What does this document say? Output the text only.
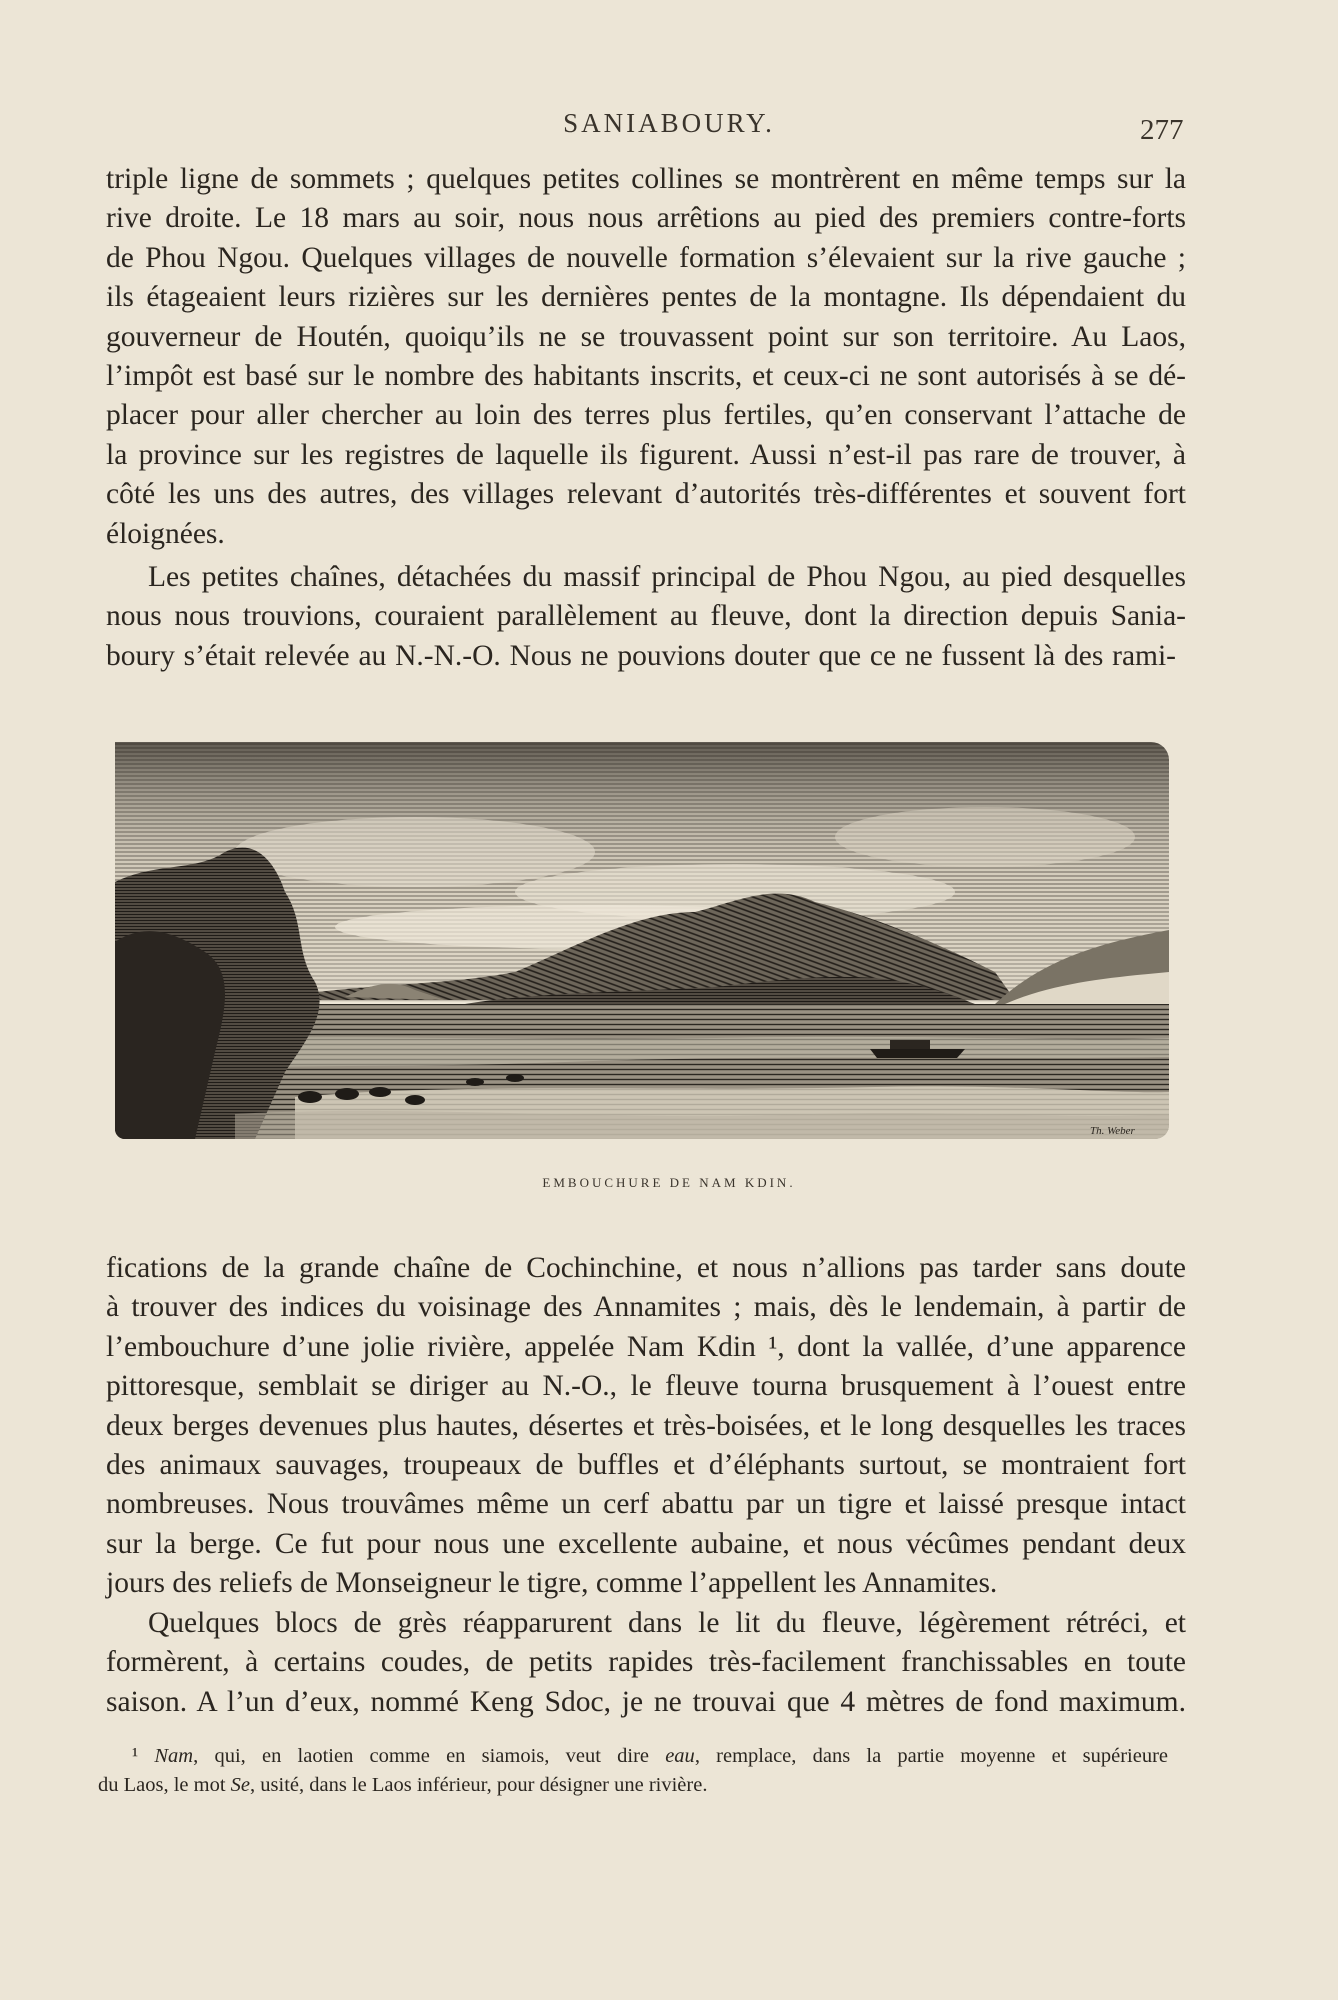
SANIABOURY.	277
triple ligne de sommets ; quelques petites collines se montrèrent en même temps sur la
rive droite. Le 18 mars au soir, nous nous arrêtions au pied des premiers contre-forts
de Phou Ngou. Quelques villages de nouvelle formation s’élevaient sur la rive gauche ;
ils étageaient leurs rizières sur les dernières pentes de la montagne. Ils dépendaient du
gouverneur de Houtén, quoiqu’ils ne se trouvassent point sur son territoire. Au Laos,
l’impôt est basé sur le nombre des habitants inscrits, et ceux-ci ne sont autorisés à se dé-
placer pour aller chercher au loin des terres plus fertiles, qu’en conservant l’attache de
la province sur les registres de laquelle ils figurent. Aussi n’est-il pas rare de trouver, à
côté les uns des autres, des villages relevant d’autorités très-différentes et souvent fort
éloignées.
Les petites chaînes, détachées du massif principal de Phou Ngou, au pied desquelles
nous nous trouvions, couraient parallèlement au fleuve, dont la direction depuis Sania-
boury s’était relevée au N.-N.-O. Nous ne pouvions douter que ce ne fussent là des rami-
Th. Weber
EMBOUCHURE DE NAM KDIN.
fications de la grande chaîne de Cochinchine, et nous n’allions pas tarder sans doute
à trouver des indices du voisinage des Annamites ; mais, dès le lendemain, à partir de
l’embouchure d’une jolie rivière, appelée Nam Kdin ¹, dont la vallée, d’une apparence
pittoresque, semblait se diriger au N.-O., le fleuve tourna brusquement à l’ouest entre
deux berges devenues plus hautes, désertes et très-boisées, et le long desquelles les traces
des animaux sauvages, troupeaux de buffles et d’éléphants surtout, se montraient fort
nombreuses. Nous trouvâmes même un cerf abattu par un tigre et laissé presque intact
sur la berge. Ce fut pour nous une excellente aubaine, et nous vécûmes pendant deux
jours des reliefs de Monseigneur le tigre, comme l’appellent les Annamites.
Quelques blocs de grès réapparurent dans le lit du fleuve, légèrement rétréci, et
formèrent, à certains coudes, de petits rapides très-facilement franchissables en toute
saison. A l’un d’eux, nommé Keng Sdoc, je ne trouvai que 4 mètres de fond maximum.
¹ Nam, qui, en laotien comme en siamois, veut dire eau, remplace, dans la partie moyenne et supérieure
du Laos, le mot Se, usité, dans le Laos inférieur, pour désigner une rivière.
